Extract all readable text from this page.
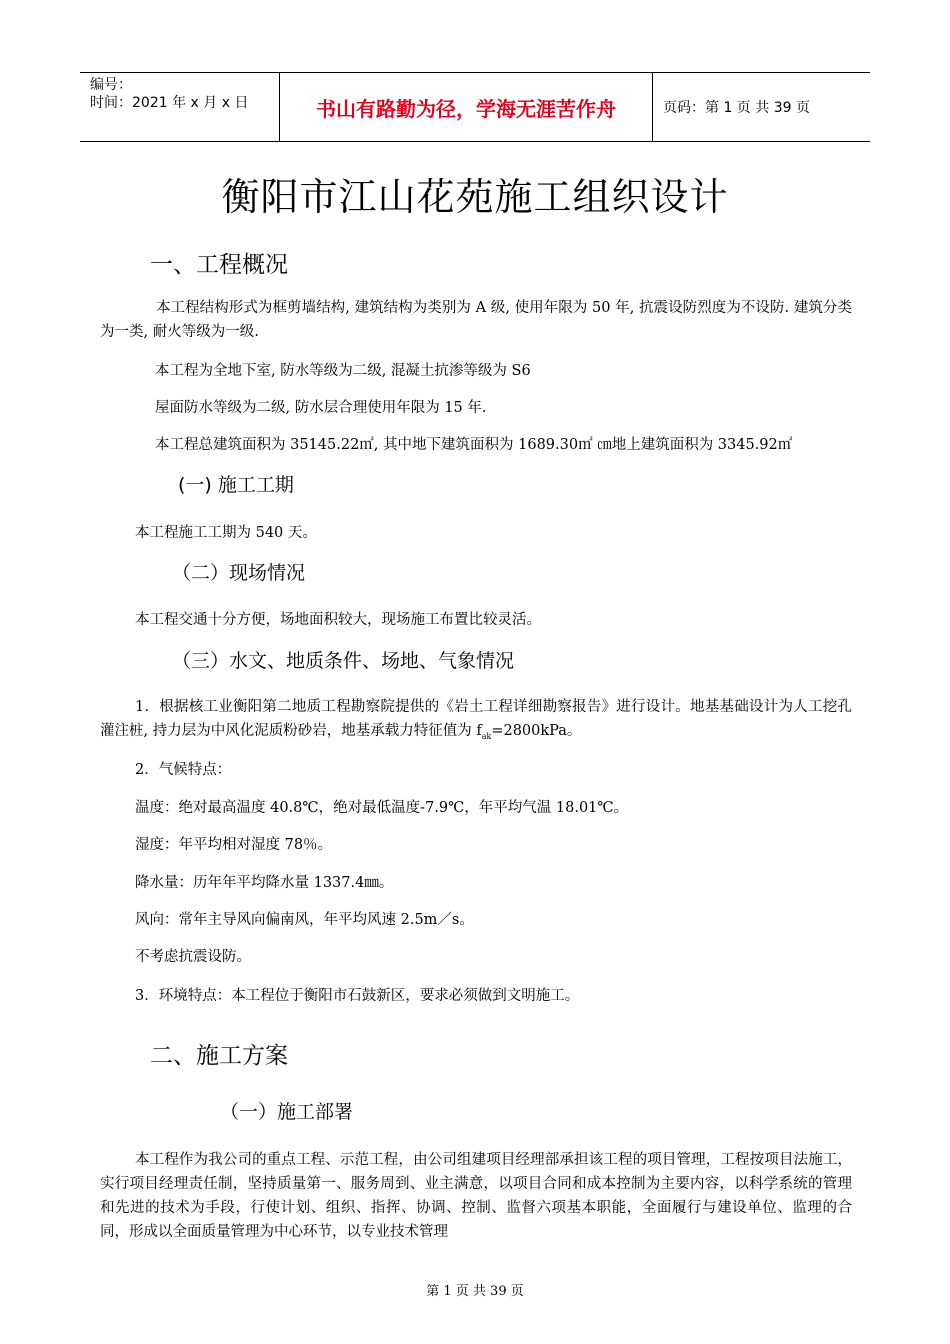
编号：
时间：2021 年 x 月 x 日	书山有路勤为径，学海无涯苦作舟	页码：第 1 页 共 39 页
衡阳市江山花苑施工组织设计
一、工程概况

本工程结构形式为框剪墙结构, 建筑结构为类别为 A 级, 使用年限为 50 年, 抗震设防烈度为不设防. 建筑分类为一类, 耐火等级为一级.

本工程为全地下室, 防水等级为二级, 混凝土抗渗等级为 S6

屋面防水等级为二级, 防水层合理使用年限为 15 年.

本工程总建筑面积为 35145.22㎡, 其中地下建筑面积为 1689.30㎡ ㎝地上建筑面积为 3345.92㎡

(一) 施工工期

本工程施工工期为 540 天。

（二）现场情况

本工程交通十分方便，场地面积较大，现场施工布置比较灵活。

（三）水文、地质条件、场地、气象情况

1．根据核工业衡阳第二地质工程勘察院提供的《岩土工程详细勘察报告》进行设计。地基基础设计为人工挖孔灌注桩, 持力层为中风化泥质粉砂岩，地基承载力特征值为 $f_{ak}=2800kPa$。

2．气候特点：

温度：绝对最高温度 40.8℃，绝对最低温度-7.9℃，年平均气温 18.01℃。

湿度：年平均相对湿度 78％。

降水量：历年年平均降水量 1337.4㎜。

风向：常年主导风向偏南风，年平均风速 2.5m／s。

不考虑抗震设防。

3．环境特点：本工程位于衡阳市石鼓新区，要求必须做到文明施工。

二、施工方案
（一）施工部署

本工程作为我公司的重点工程、示范工程，由公司组建项目经理部承担该工程的项目管理，工程按项目法施工，实行项目经理责任制，坚持质量第一、服务周到、业主满意，以项目合同和成本控制为主要内容，以科学系统的管理和先进的技术为手段，行使计划、组织、指挥、协调、控制、监督六项基本职能，全面履行与建设单位、监理的合同，形成以全面质量管理为中心环节，以专业技术管理

第 1 页 共 39 页
